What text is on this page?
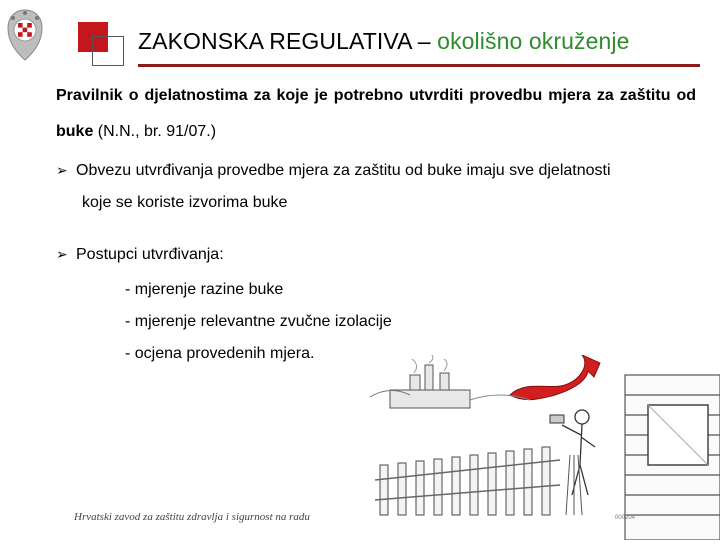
ZAKONSKA REGULATIVA – okolišno okruženje

Pravilnik o djelatnostima za koje je potrebno utvrditi provedbu mjera za zaštitu od buke (N.N., br. 91/07.)

➢ Obvezu utvrđivanja provedbe mjera za zaštitu od buke imaju sve djelatnosti
koje se koriste izvorima buke
➢ Postupci utvrđivanja:
- mjerenje razine buke
- mjerenje relevantne zvučne izolacije
- ocjena provedenih mjera.
000204
Hrvatski zavod za zaštitu zdravlja i sigurnost na radu
